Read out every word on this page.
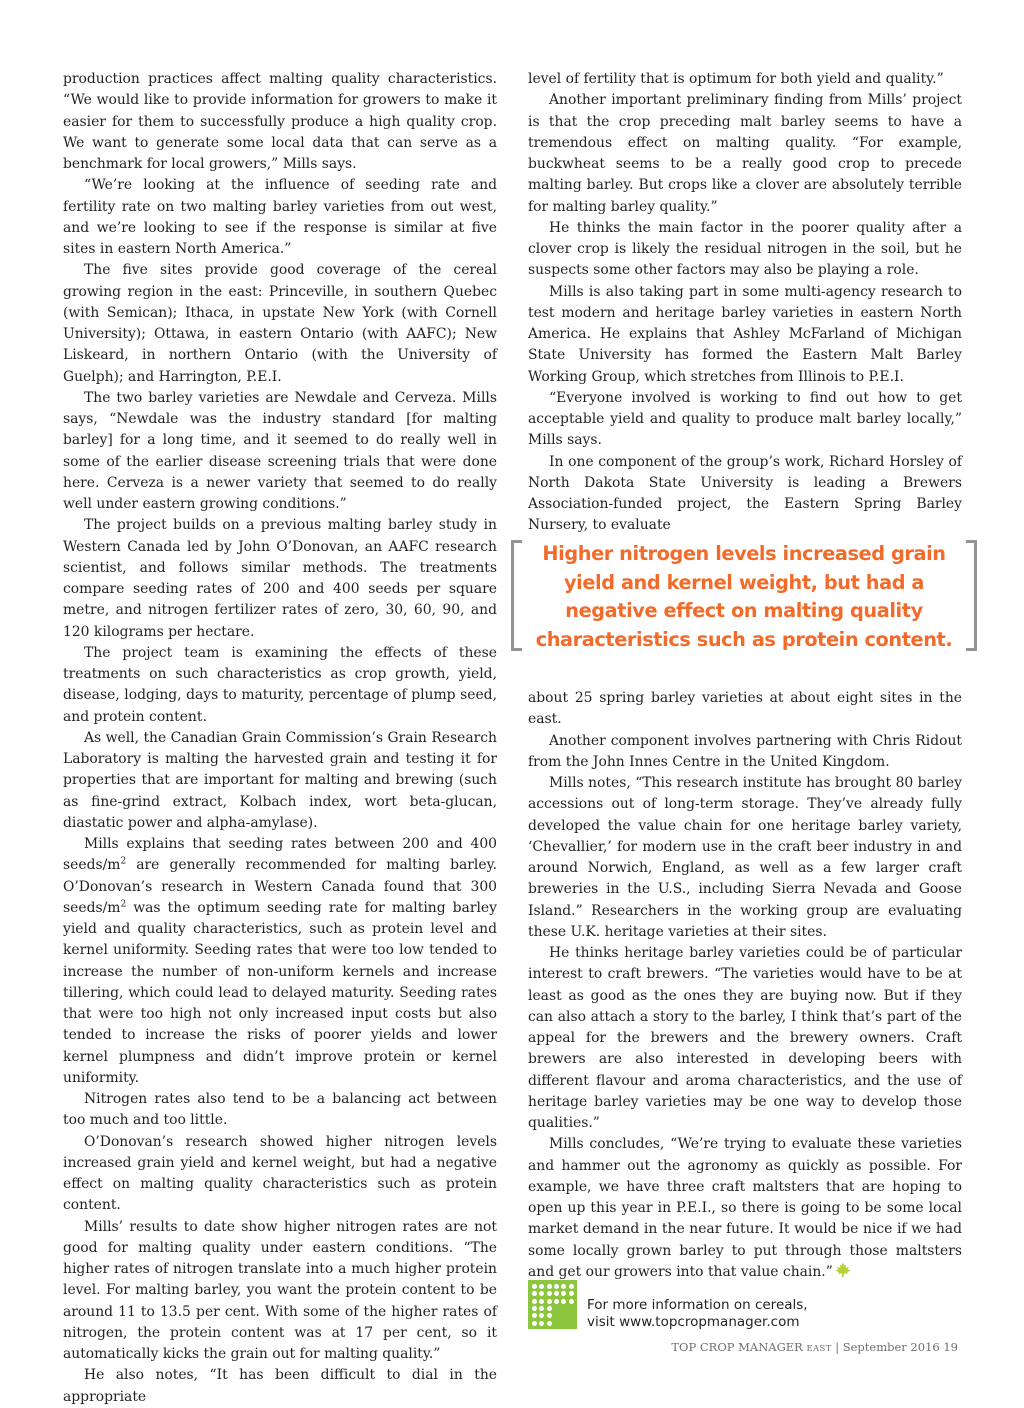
production practices affect malting quality characteristics. “We would like to provide information for growers to make it easier for them to successfully produce a high quality crop. We want to generate some local data that can serve as a benchmark for local growers,” Mills says.

“We’re looking at the influence of seeding rate and fertility rate on two malting barley varieties from out west, and we’re looking to see if the response is similar at five sites in eastern North America.”

The five sites provide good coverage of the cereal growing region in the east: Princeville, in southern Quebec (with Semican); Ithaca, in upstate New York (with Cornell University); Ottawa, in eastern Ontario (with AAFC); New Liskeard, in northern Ontario (with the University of Guelph); and Harrington, P.E.I.

The two barley varieties are Newdale and Cerveza. Mills says, “Newdale was the industry standard [for malting barley] for a long time, and it seemed to do really well in some of the earlier disease screening trials that were done here. Cerveza is a newer variety that seemed to do really well under eastern growing conditions.”

The project builds on a previous malting barley study in Western Canada led by John O’Donovan, an AAFC research scientist, and follows similar methods. The treatments compare seeding rates of 200 and 400 seeds per square metre, and nitrogen fertilizer rates of zero, 30, 60, 90, and 120 kilograms per hectare.

The project team is examining the effects of these treatments on such characteristics as crop growth, yield, disease, lodging, days to maturity, percentage of plump seed, and protein content.

As well, the Canadian Grain Commission’s Grain Research Laboratory is malting the harvested grain and testing it for properties that are important for malting and brewing (such as fine-grind extract, Kolbach index, wort beta-glucan, diastatic power and alpha-amylase).

Mills explains that seeding rates between 200 and 400 seeds/$m^2$ are generally recommended for malting barley. O’Donovan’s research in Western Canada found that 300 seeds/$m^2$ was the optimum seeding rate for malting barley yield and quality characteristics, such as protein level and kernel uniformity. Seeding rates that were too low tended to increase the number of non-uniform kernels and increase tillering, which could lead to delayed maturity. Seeding rates that were too high not only increased input costs but also tended to increase the risks of poorer yields and lower kernel plumpness and didn’t improve protein or kernel uniformity.

Nitrogen rates also tend to be a balancing act between too much and too little.

O’Donovan’s research showed higher nitrogen levels increased grain yield and kernel weight, but had a negative effect on malting quality characteristics such as protein content.

Mills’ results to date show higher nitrogen rates are not good for malting quality under eastern conditions. “The higher rates of nitrogen translate into a much higher protein level. For malting barley, you want the protein content to be around 11 to 13.5 per cent. With some of the higher rates of nitrogen, the protein content was at 17 per cent, so it automatically kicks the grain out for malting quality.”

He also notes, “It has been difficult to dial in the appropriate

level of fertility that is optimum for both yield and quality.”

Another important preliminary finding from Mills’ project is that the crop preceding malt barley seems to have a tremendous effect on malting quality. “For example, buckwheat seems to be a really good crop to precede malting barley. But crops like a clover are absolutely terrible for malting barley quality.”

He thinks the main factor in the poorer quality after a clover crop is likely the residual nitrogen in the soil, but he suspects some other factors may also be playing a role.

Mills is also taking part in some multi-agency research to test modern and heritage barley varieties in eastern North America. He explains that Ashley McFarland of Michigan State University has formed the Eastern Malt Barley Working Group, which stretches from Illinois to P.E.I.

“Everyone involved is working to find out how to get acceptable yield and quality to produce malt barley locally,” Mills says.

In one component of the group’s work, Richard Horsley of North Dakota State University is leading a Brewers Association-funded project, the Eastern Spring Barley Nursery, to evaluate

Higher nitrogen levels increased grain yield and kernel weight, but had a negative effect on malting quality characteristics such as protein content.

about 25 spring barley varieties at about eight sites in the east.

Another component involves partnering with Chris Ridout from the John Innes Centre in the United Kingdom.

Mills notes, “This research institute has brought 80 barley accessions out of long-term storage. They’ve already fully developed the value chain for one heritage barley variety, ‘Chevallier,’ for modern use in the craft beer industry in and around Norwich, England, as well as a few larger craft breweries in the U.S., including Sierra Nevada and Goose Island.” Researchers in the working group are evaluating these U.K. heritage varieties at their sites.

He thinks heritage barley varieties could be of particular interest to craft brewers. “The varieties would have to be at least as good as the ones they are buying now. But if they can also attach a story to the barley, I think that’s part of the appeal for the brewers and the brewery owners. Craft brewers are also interested in developing beers with different flavour and aroma characteristics, and the use of heritage barley varieties may be one way to develop those qualities.”

Mills concludes, “We’re trying to evaluate these varieties and hammer out the agronomy as quickly as possible. For example, we have three craft maltsters that are hoping to open up this year in P.E.I., so there is going to be some local market demand in the near future. It would be nice if we had some locally grown barley to put through those maltsters and get our growers into that value chain.”

For more information on cereals,
visit www.topcropmanager.com
TOP CROP MANAGER EAST | September 2016 19
